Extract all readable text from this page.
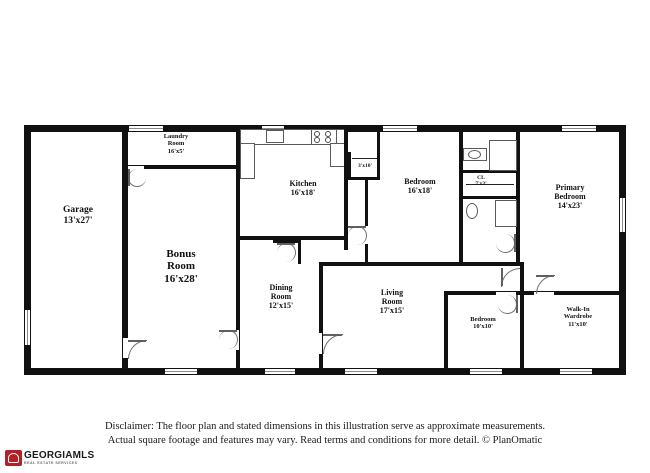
Garage
13'x27'
Laundry
Room
16'x5'
Kitchen
16'x18'
Bonus
Room
16'x28'
Dining
Room
12'x15'
Living
Room
17'x15'
Bedroom
16'x18'
Bedroom
10'x10'
Primary
Bedroom
14'x23'
Walk-In
Wardrobe
11'x10'
CL
7'x3'
3'x10'
Disclaimer: The floor plan and stated dimensions in this illustration serve as approximate measurements.
Actual square footage and features may vary. Read terms and conditions for more detail. © PlanOmatic
GEORGIAMLS
REAL ESTATE SERVICES
